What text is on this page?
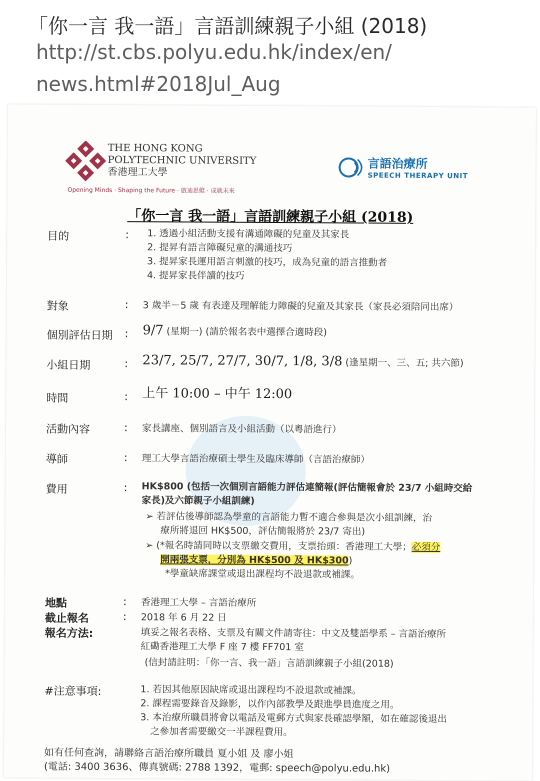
「你一言 我一語」言語訓練親子小組 (2018)
http://st.cbs.polyu.edu.hk/index/en/
news.html#2018Jul_Aug
THE HONG KONG
POLYTECHNIC UNIVERSITY
香港理工大學
Opening Minds · Shaping the Future · 啟迪思維 · 成就未來
言語治療所
SPEECH THERAPY UNIT
「你一言 我一語」言語訓練親子小組 (2018)
目的	: 1. 透過小組活動支援有溝通障礙的兒童及其家長
2. 提昇有語言障礙兒童的溝通技巧
3. 提昇家長運用語言刺激的技巧，成為兒童的語言推動者
4. 提昇家長伴讀的技巧
對象	: 3 歲半－5 歲 有表達及理解能力障礙的兒童及其家長（家長必須陪同出席）
個別評估日期 : 9/7 (星期一) (請於報名表中選擇合適時段)
小組日期	: 23/7, 25/7, 27/7, 30/7, 1/8, 3/8 (逢星期一、三、五; 共六節)
時間	: 上午 10:00 – 中午 12:00
活動內容	: 家長講座、個別語言及小組活動（以粵語進行）
導師	: 理工大學言語治療碩士學生及臨床導師（言語治療師）
費用	: HK$800 (包括一次個別言語能力評估連簡報(評估簡報會於 23/7 小組時交給
家長)及六節親子小組訓練)
➢ 若評估後導師認為學童的言語能力暫不適合參與是次小組訓練，治
療所將退回 HK$500，評估簡報將於 23/7 寄出)
➢ (*報名時請同時以支票繳交費用，支票抬頭：香港理工大學；必須分
開兩張支票，分別為 HK$500 及 HK$300)
*學童缺席課堂或退出課程均不設退款或補課。
地點	: 香港理工大學 – 言語治療所
截止報名	: 2018 年 6 月 22 日
報名方法:	填妥之報名表格、支票及有關文件請寄往：中文及雙語學系 – 言語治療所
紅磡香港理工大學 F 座 7 樓 FF701 室
(信封請註明：「你一言、我一語」言語訓練親子小組(2018)
#注意事項:	1. 若因其他原因缺席或退出課程均不設退款或補課。
2. 課程需要錄音及錄影，以作內部教學及跟進學員進度之用。
3. 本治療所職員將會以電話及電郵方式與家長確認學額，如在確認後退出
之參加者需要繳交一半課程費用。
如有任何查詢，請聯絡言語治療所職員 夏小姐 及 廖小姐
(電話: 3400 3636、傳真號碼: 2788 1392，電郵: speech@polyu.edu.hk)
